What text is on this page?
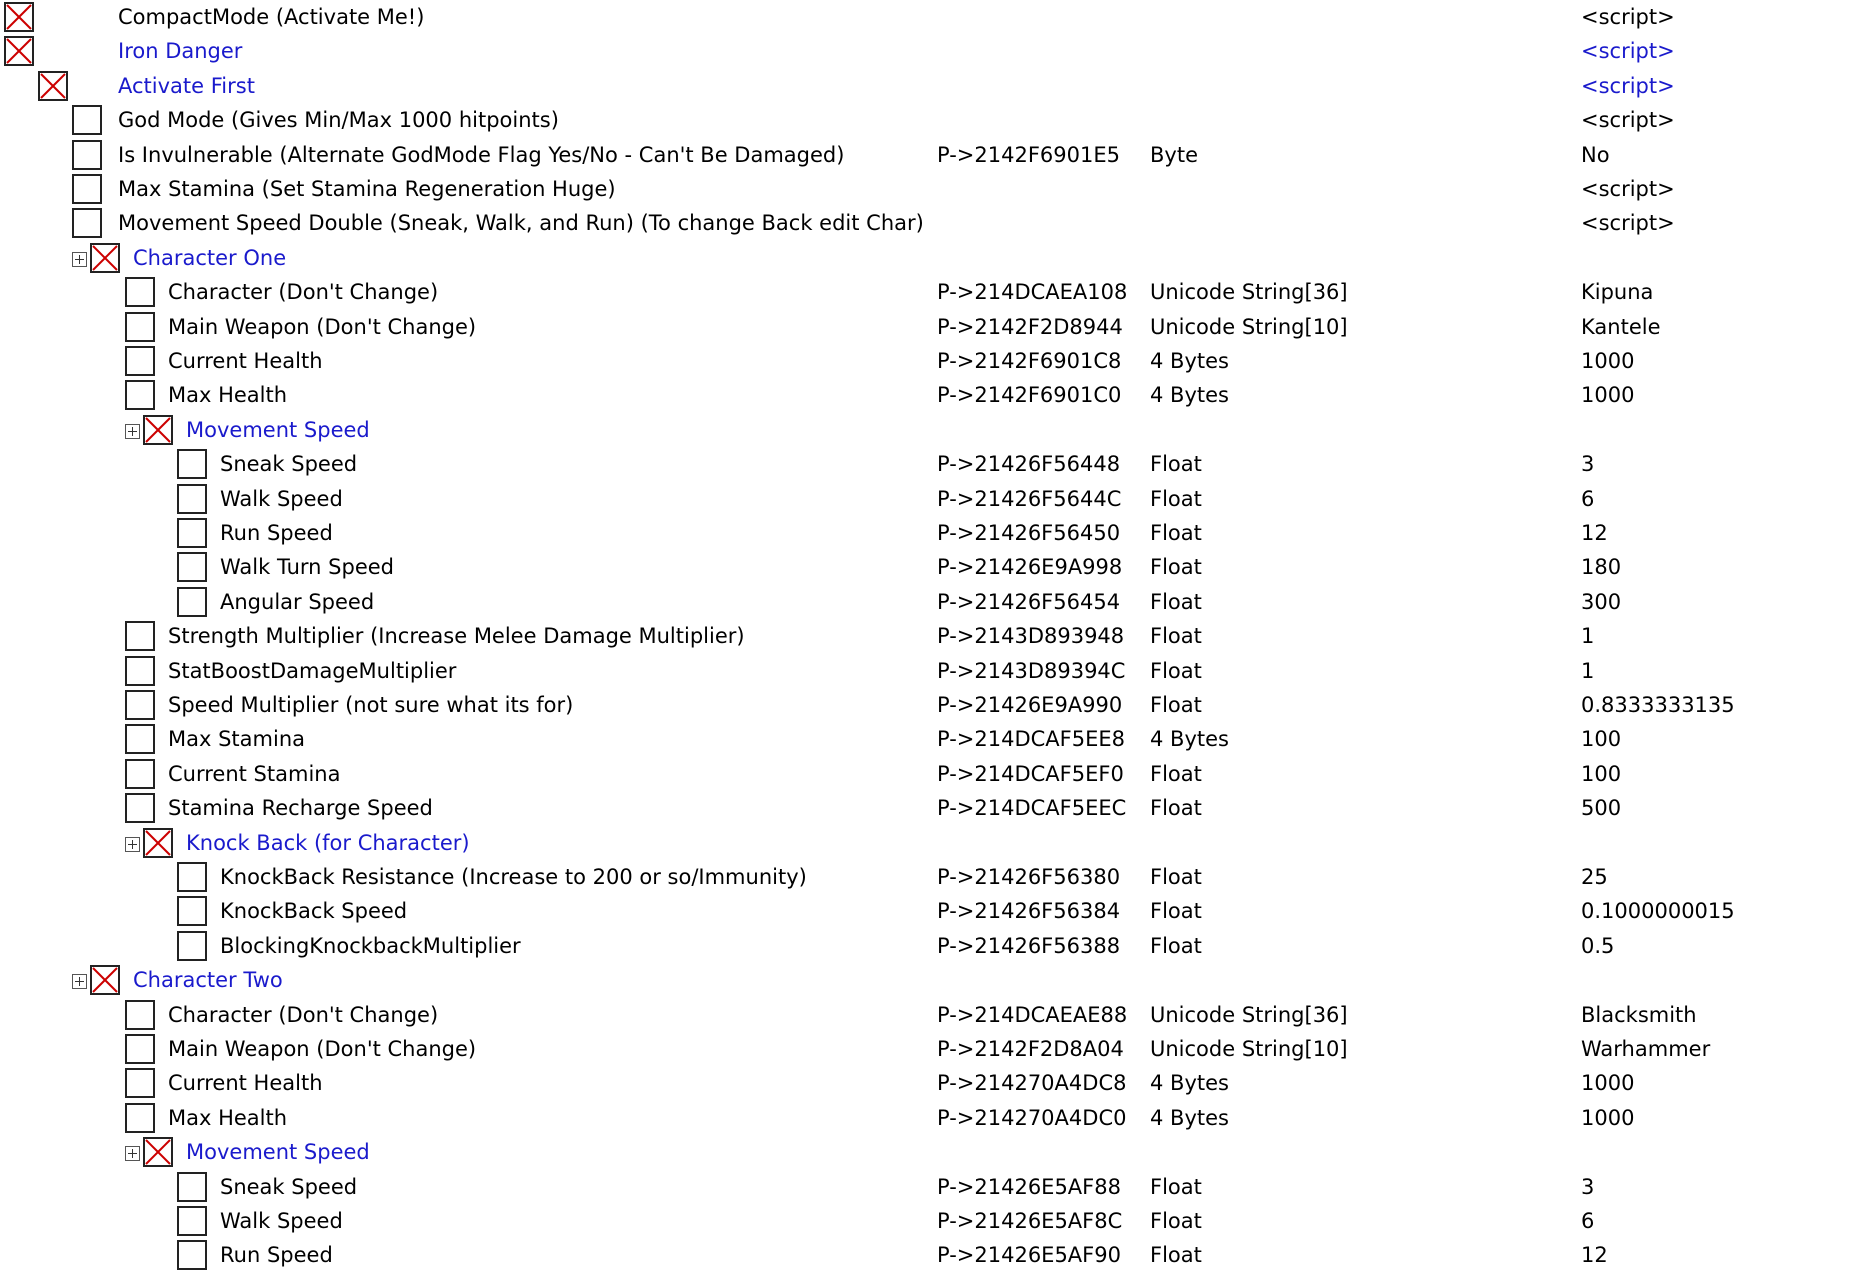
CompactMode (Activate Me!)	<script>
Iron Danger	<script>
Activate First	<script>
God Mode (Gives Min/Max 1000 hitpoints)	<script>
Is Invulnerable (Alternate GodMode Flag Yes/No - Can't Be Damaged)	P->2142F6901E5 Byte	No
Max Stamina (Set Stamina Regeneration Huge)	<script>
Movement Speed Double (Sneak, Walk, and Run) (To change Back edit Char)	<script>
Character One
Character (Don't Change)	P->214DCAEA108 Unicode String[36]	Kipuna
Main Weapon (Don't Change)	P->2142F2D8944 Unicode String[10]	Kantele
Current Health	P->2142F6901C8 4 Bytes	1000
Max Health	P->2142F6901C0 4 Bytes	1000
Movement Speed
Sneak Speed	P->21426F56448 Float	3
Walk Speed	P->21426F5644C Float	6
Run Speed	P->21426F56450 Float	12
Walk Turn Speed	P->21426E9A998 Float	180
Angular Speed	P->21426F56454 Float	300
Strength Multiplier (Increase Melee Damage Multiplier)	P->2143D893948 Float	1
StatBoostDamageMultiplier	P->2143D89394C Float	1
Speed Multiplier (not sure what its for)	P->21426E9A990 Float	0.8333333135
Max Stamina	P->214DCAF5EE8 4 Bytes	100
Current Stamina	P->214DCAF5EF0 Float	100
Stamina Recharge Speed	P->214DCAF5EEC Float	500
Knock Back (for Character)
KnockBack Resistance (Increase to 200 or so/Immunity)	P->21426F56380 Float	25
KnockBack Speed	P->21426F56384 Float	0.1000000015
BlockingKnockbackMultiplier	P->21426F56388 Float	0.5
Character Two
Character (Don't Change)	P->214DCAEAE88 Unicode String[36]	Blacksmith
Main Weapon (Don't Change)	P->2142F2D8A04 Unicode String[10]	Warhammer
Current Health	P->214270A4DC8 4 Bytes	1000
Max Health	P->214270A4DC0 4 Bytes	1000
Movement Speed
Sneak Speed	P->21426E5AF88 Float	3
Walk Speed	P->21426E5AF8C Float	6
Run Speed	P->21426E5AF90 Float	12
